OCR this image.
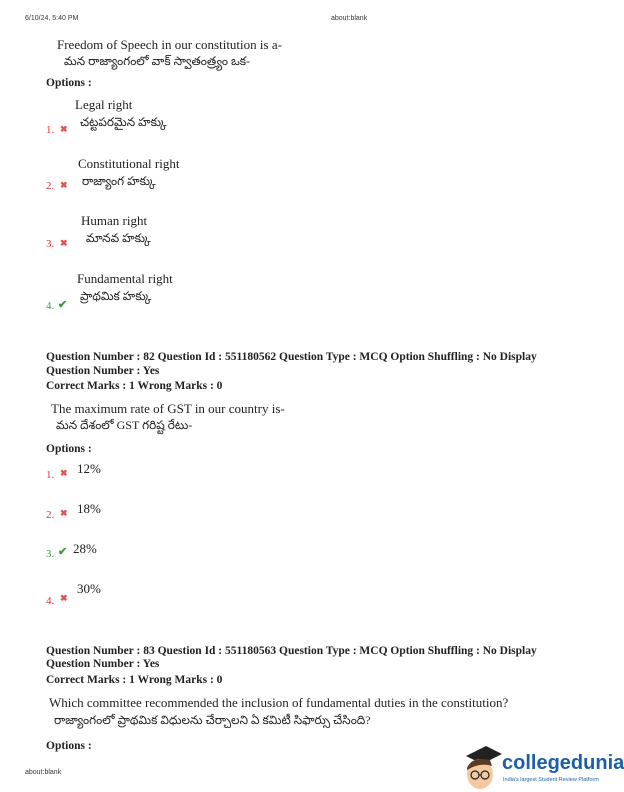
6/10/24, 5:40 PM	about:blank
Freedom of Speech in our constitution is a-
మన రాజ్యాంగంలో వాక్ స్వాతంత్ర్యం ఒక-
Options :
Legal right
చట్టపరమైన హక్కు
1. ✖
Constitutional right
రాజ్యాంగ హక్కు
2. ✖
Human right
మానవ హక్కు
3. ✖
Fundamental right
ప్రాథమిక హక్కు
4. ✔
Question Number : 82 Question Id : 551180562 Question Type : MCQ Option Shuffling : No Display
Question Number : Yes
Correct Marks : 1 Wrong Marks : 0
The maximum rate of GST in our country is-
మన దేశంలో GST గరిష్ట రేటు-
Options :
12%
1. ✖
18%
2. ✖
28%
3. ✔
30%
4. ✖
Question Number : 83 Question Id : 551180563 Question Type : MCQ Option Shuffling : No Display
Question Number : Yes
Correct Marks : 1 Wrong Marks : 0
Which committee recommended the inclusion of fundamental duties in the constitution?
రాజ్యాంగంలో ప్రాథమిక విధులను చేర్చాలని ఏ కమిటీ సిఫార్సు చేసింది?
Options :
about:blank	collegedunia
India's largest Student Review Platform
